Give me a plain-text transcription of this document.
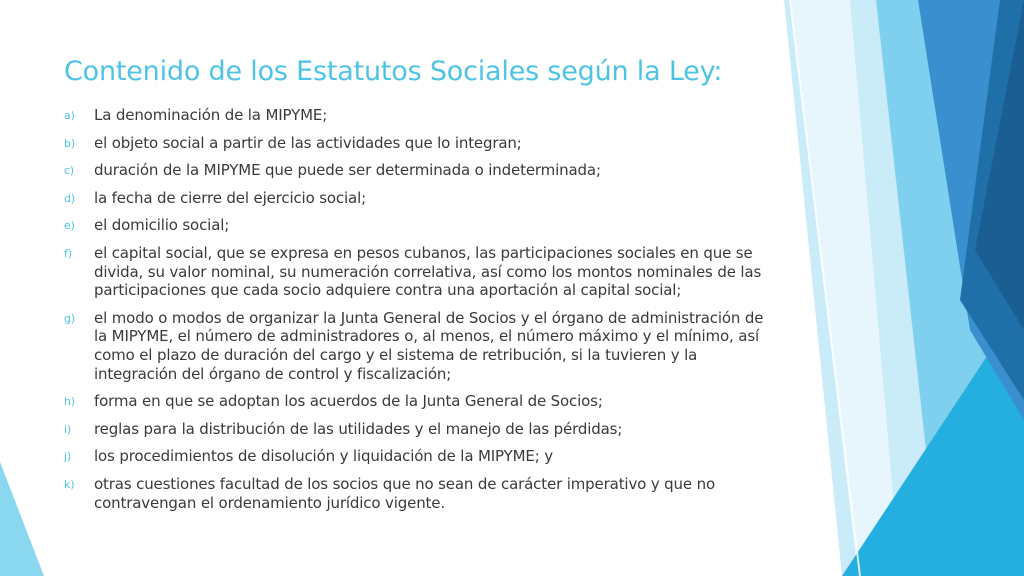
Contenido de los Estatutos Sociales según la Ley:
a) La denominación de la MIPYME;
b) el objeto social a partir de las actividades que lo integran;
c) duración de la MIPYME que puede ser determinada o indeterminada;
d) la fecha de cierre del ejercicio social;
e) el domicilio social;
f) el capital social, que se expresa en pesos cubanos, las participaciones sociales en que se divida, su valor nominal, su numeración correlativa, así como los montos nominales de las participaciones que cada socio adquiere contra una aportación al capital social;
g) el modo o modos de organizar la Junta General de Socios y el órgano de administración de la MIPYME, el número de administradores o, al menos, el número máximo y el mínimo, así como el plazo de duración del cargo y el sistema de retribución, si la tuvieren y la integración del órgano de control y fiscalización;
h) forma en que se adoptan los acuerdos de la Junta General de Socios;
i) reglas para la distribución de las utilidades y el manejo de las pérdidas;
j) los procedimientos de disolución y liquidación de la MIPYME; y
k) otras cuestiones facultad de los socios que no sean de carácter imperativo y que no contravengan el ordenamiento jurídico vigente.
